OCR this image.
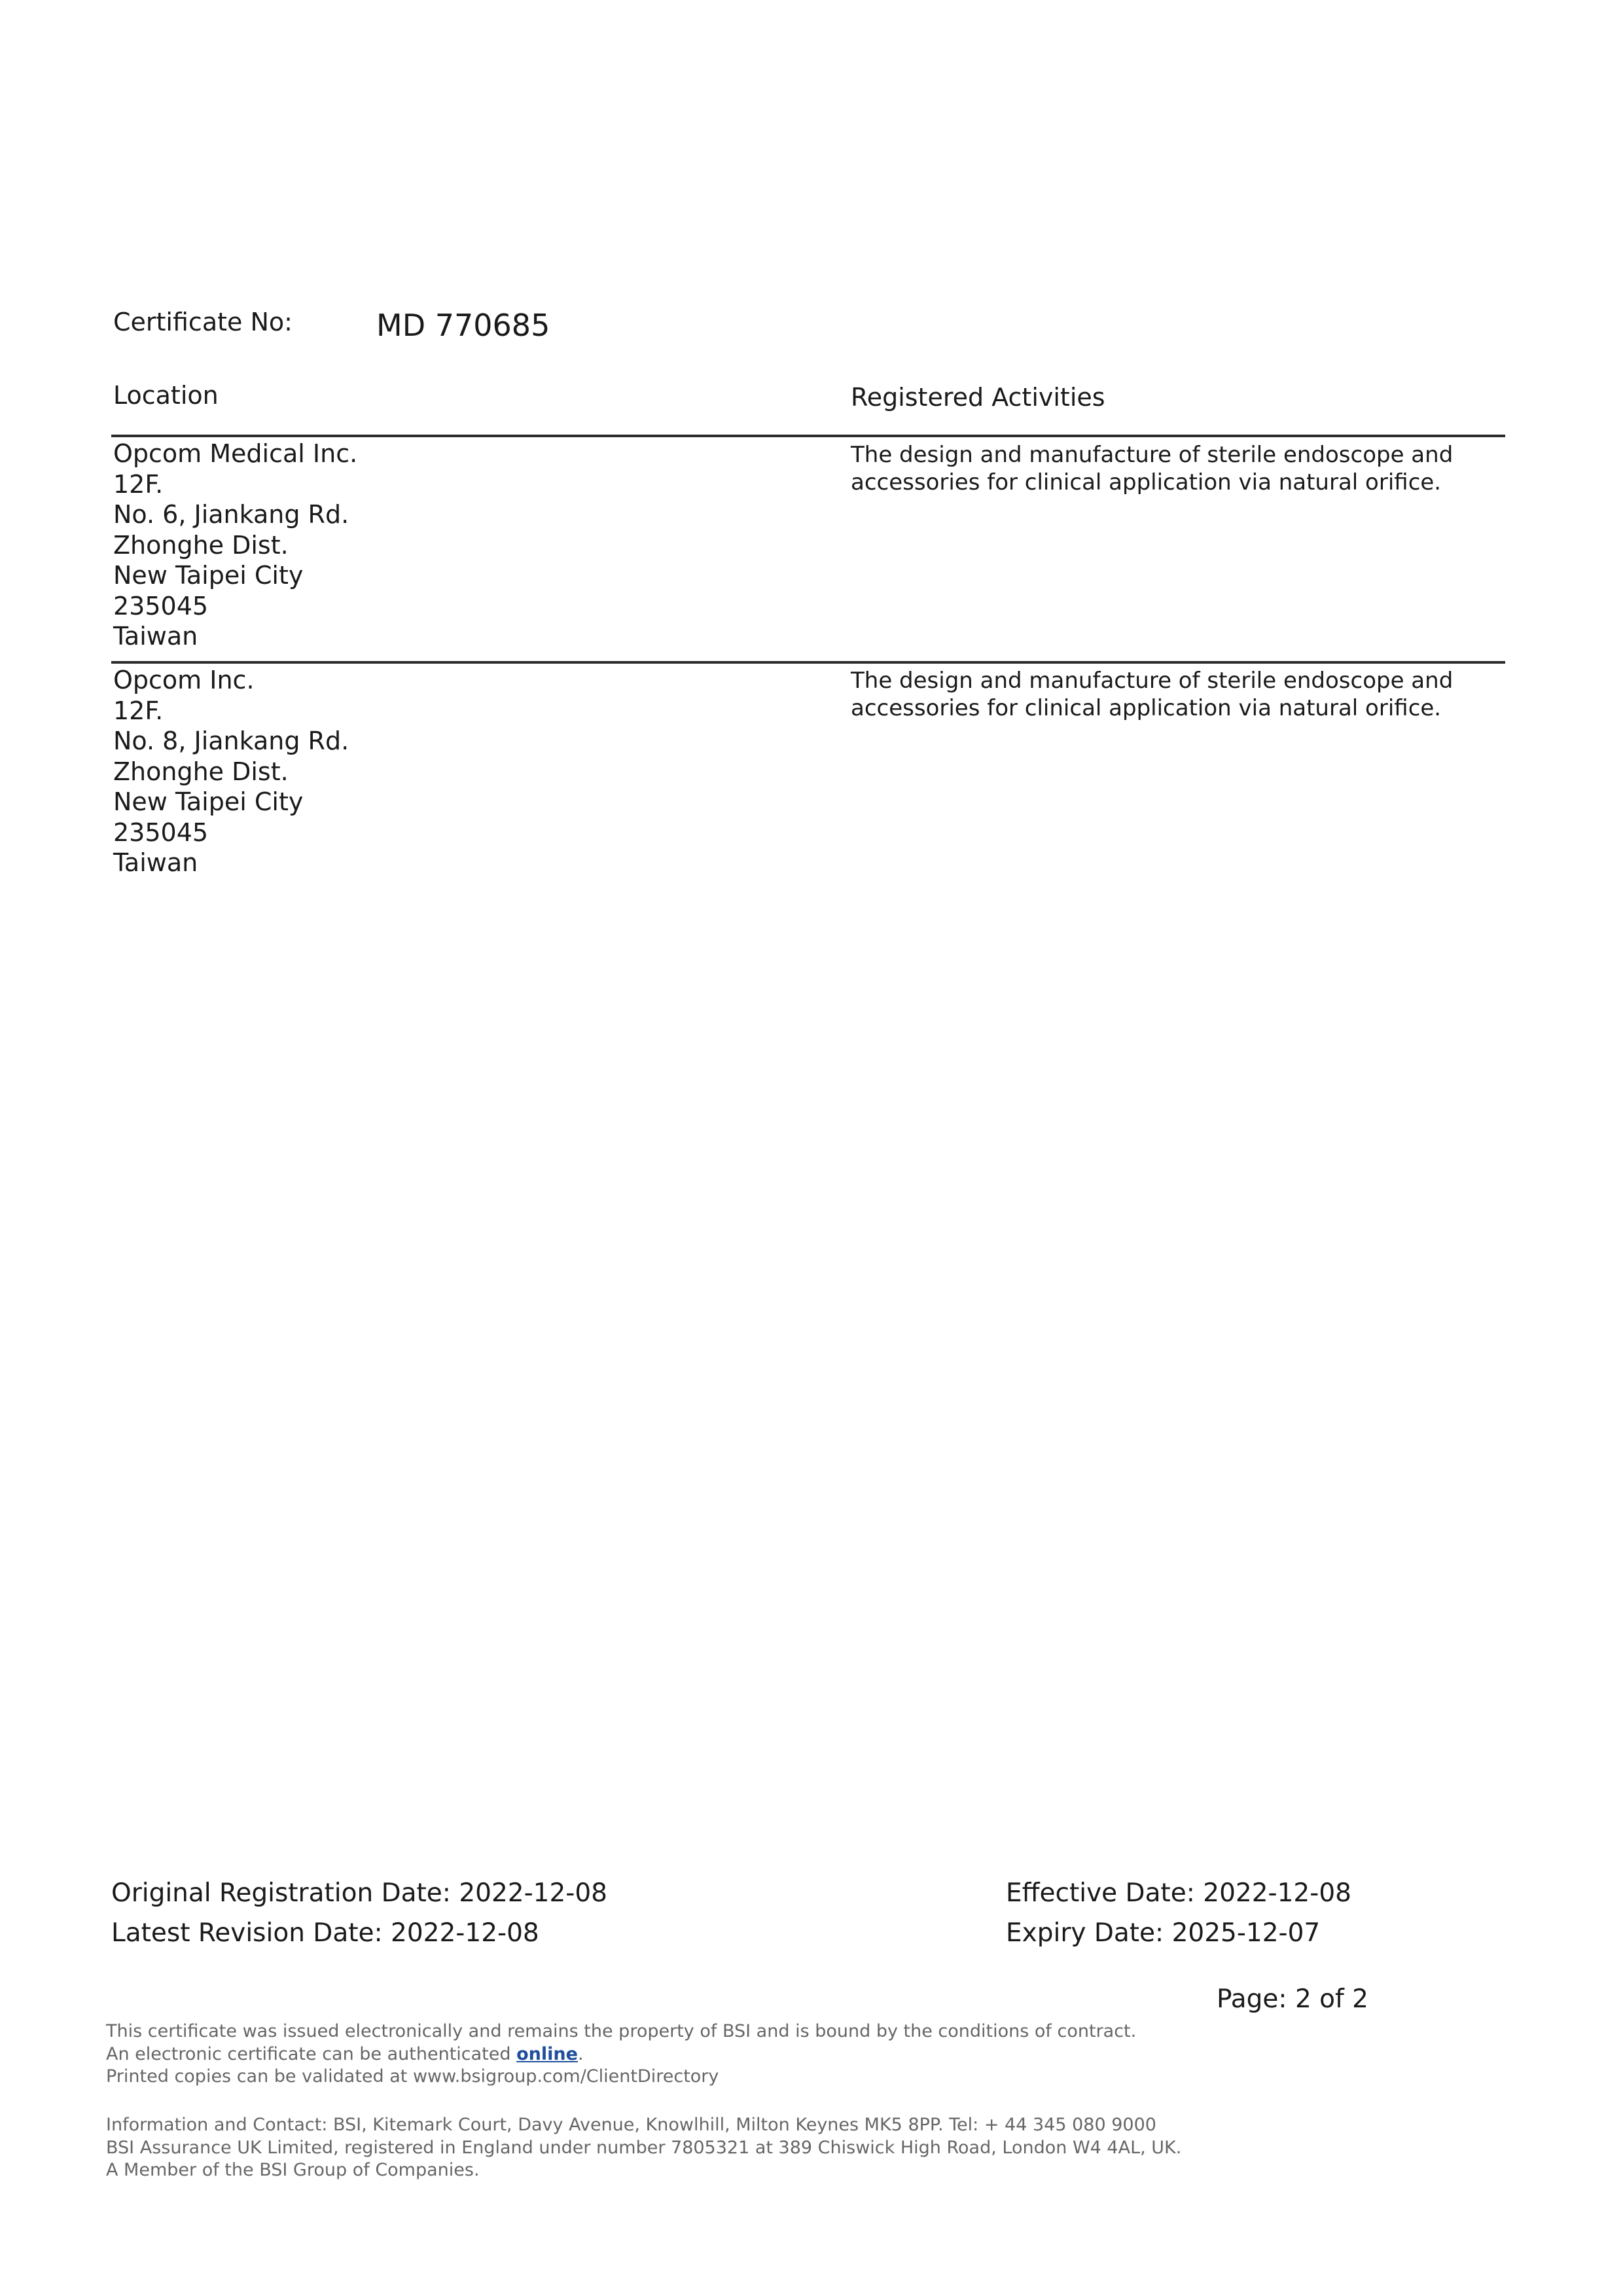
Certificate No:	MD 770685
Location	Registered Activities
Opcom Medical Inc.
12F.
No. 6, Jiankang Rd.
Zhonghe Dist.
New Taipei City
235045
Taiwan
The design and manufacture of sterile endoscope and accessories for clinical application via natural orifice.
Opcom Inc.
12F.
No. 8, Jiankang Rd.
Zhonghe Dist.
New Taipei City
235045
Taiwan
The design and manufacture of sterile endoscope and accessories for clinical application via natural orifice.
Original Registration Date: 2022-12-08
Latest Revision Date: 2022-12-08
Effective Date: 2022-12-08
Expiry Date: 2025-12-07
Page: 2 of 2
This certificate was issued electronically and remains the property of BSI and is bound by the conditions of contract.
An electronic certificate can be authenticated online.
Printed copies can be validated at www.bsigroup.com/ClientDirectory
Information and Contact: BSI, Kitemark Court, Davy Avenue, Knowlhill, Milton Keynes MK5 8PP. Tel: + 44 345 080 9000
BSI Assurance UK Limited, registered in England under number 7805321 at 389 Chiswick High Road, London W4 4AL, UK.
A Member of the BSI Group of Companies.
